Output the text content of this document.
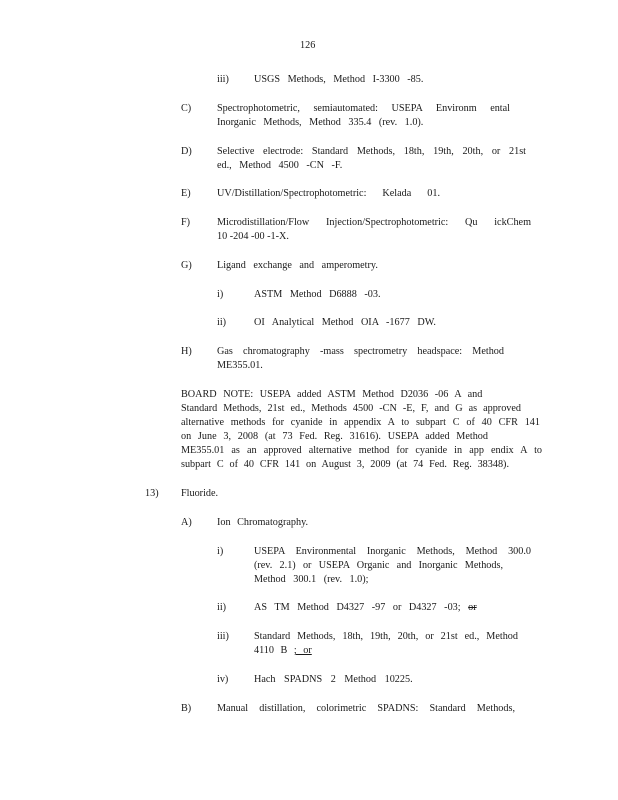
126
iii) USGS Methods, Method I-3300 -85.
C)	Spectrophotometric, semiautomated: USEPA Environm ental
Inorganic Methods, Method 335.4 (rev. 1.0).
D) Selective electrode: Standard Methods, 18th, 19th, 20th, or 21st
ed., Method 4500 -CN -F.
E)	UV/Distillation/Spectrophotometric: Kelada 01.
F)	Microdistillation/Flow Injection/Spectrophotometric: Qu ickChem
10 -204 -00 -1-X.
G) Ligand exchange and amperometry.
i)	ASTM Method D6888 -03.
ii)	OI Analytical Method OIA -1677 DW.
H) Gas chromatography -mass spectrometry headspace: Method
ME355.01.
BOARD NOTE: USEPA added ASTM Method D2036 -06 A and
Standard Methods, 21st ed., Methods 4500 -CN -E, F, and G as approved
alternative methods for cyanide in appendix A to subpart C of 40 CFR 141
on June 3, 2008 (at 73 Fed. Reg. 31616). USEPA added Method
ME355.01 as an approved alternative method for cyanide in app endix A to
subpart C of 40 CFR 141 on August 3, 2009 (at 74 Fed. Reg. 38348).
13) Fluoride.
A) Ion Chromatography.
i)	USEPA Environmental Inorganic Methods, Method 300.0
(rev. 2.1) or USEPA Organic and Inorganic Methods,
Method 300.1 (rev. 1.0);
ii)	AS TM Method D4327 -97 or D4327 -03; or
iii) Standard Methods, 18th, 19th, 20th, or 21st ed., Method
4110 B ; or
iv)	Hach SPADNS 2 Method 10225.
B)	Manual distillation, colorimetric SPADNS: Standard Methods,
